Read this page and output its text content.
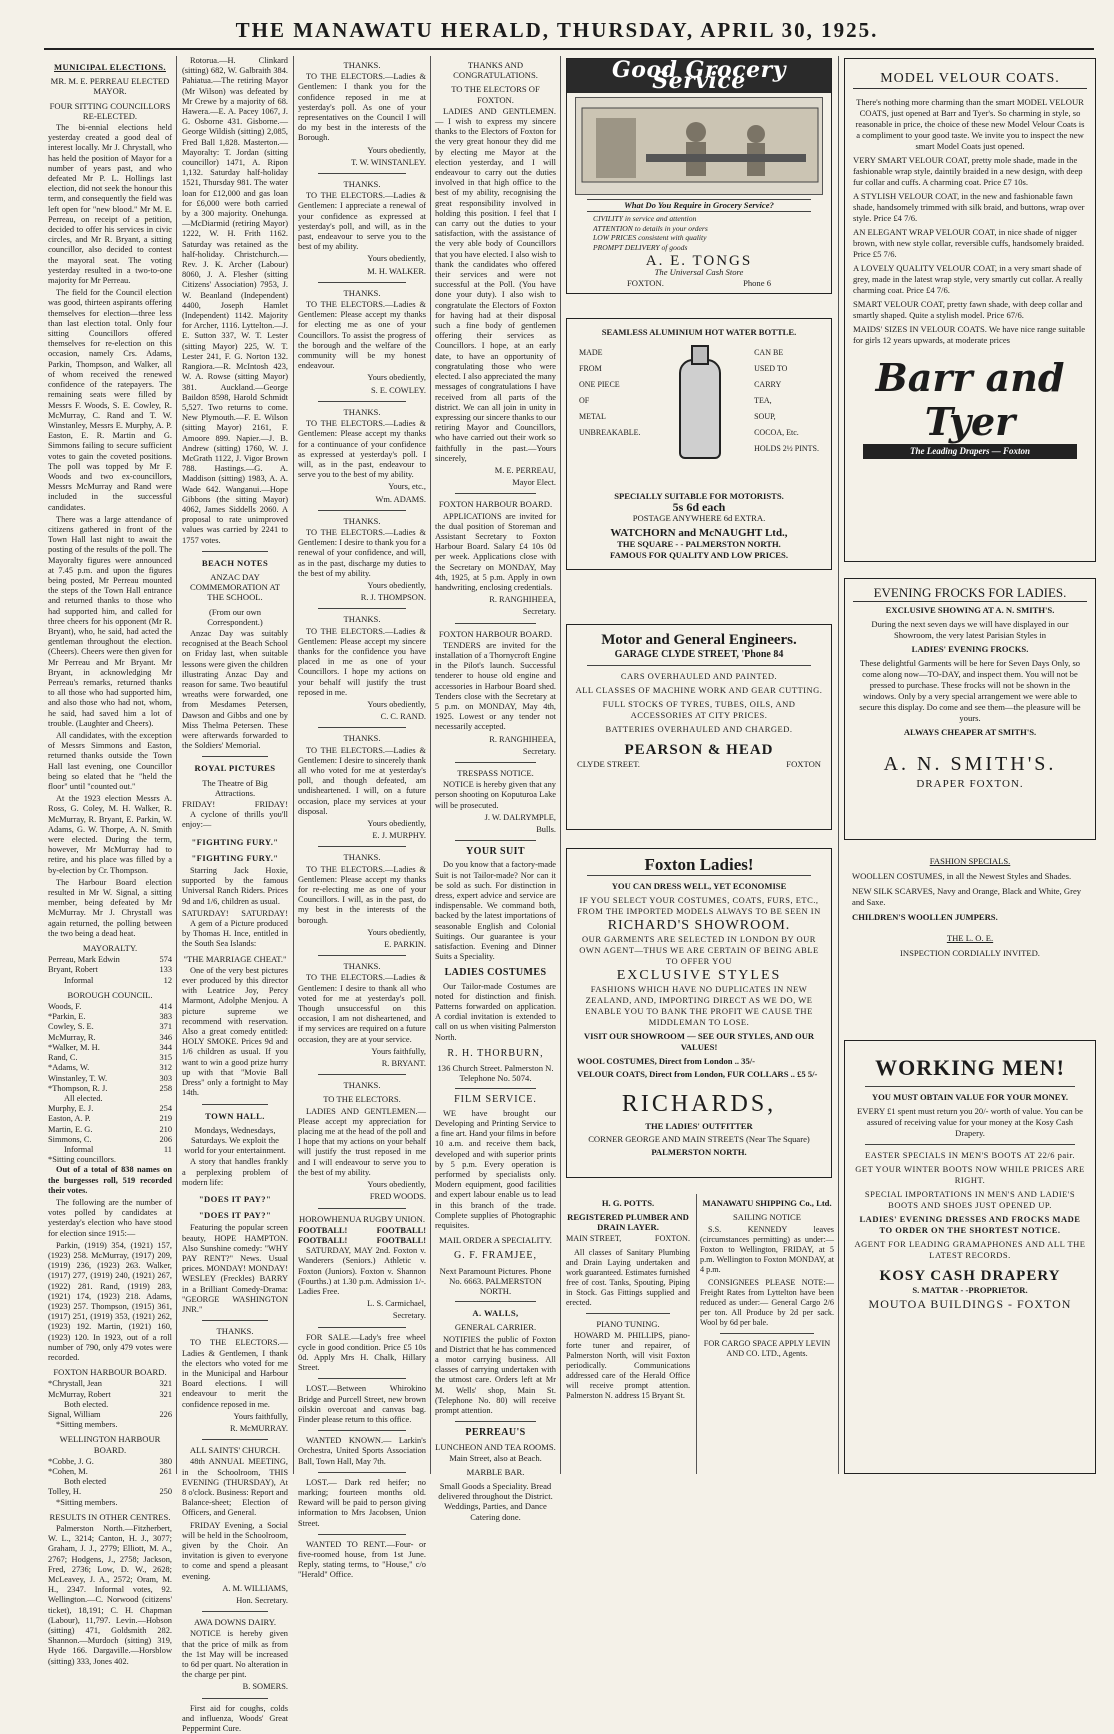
THE MANAWATU HERALD, THURSDAY, APRIL 30, 1925.
MUNICIPAL ELECTIONS.
MR. M. E. PERREAU ELECTED MAYOR.
FOUR SITTING COUNCILLORS RE-ELECTED.

The bi-ennial elections held yesterday created a good deal of interest locally. Mr J. Chrystall, who has held the position of Mayor for a number of years past, and who defeated Mr P. L. Hollings last election, did not seek the honour this term, and consequently the field was left open for "new blood." Mr M. E. Perreau, on receipt of a petition, decided to offer his services in civic circles, and Mr R. Bryant, a sitting councillor, also decided to contest the mayoral seat. The voting yesterday resulted in a two-to-one majority for Mr Perreau.

The field for the Council election was good, thirteen aspirants offering themselves for election—three less than last election total. Only four sitting Councillors offered themselves for re-election on this occasion, namely Crs. Adams, Parkin, Thompson, and Walker, all of whom received the renewed confidence of the ratepayers. The remaining seats were filled by Messrs F. Woods, S. E. Cowley, R. McMurray, C. Rand and T. W. Winstanley, Messrs E. Murphy, A. P. Easton, E. R. Martin and G. Simmons failing to secure sufficient votes to gain the coveted positions. The poll was topped by Mr F. Woods and two ex-councillors, Messrs McMurray and Rand were included in the successful candidates.

There was a large attendance of citizens gathered in front of the Town Hall last night to await the posting of the results of the poll. The Mayoralty figures were announced at 7.45 p.m. and upon the figures being posted, Mr Perreau mounted the steps of the Town Hall entrance and returned thanks to those who had supported him, and called for three cheers for his opponent (Mr R. Bryant), who, he said, had acted the gentleman throughout the election. (Cheers). Cheers were then given for Mr Perreau and Mr Bryant. Mr Bryant, in acknowledging Mr Perreau's remarks, returned thanks to all those who had supported him, and also those who had not, whom, he said, had saved him a lot of trouble. (Laughter and Cheers).

All candidates, with the exception of Messrs Simmons and Easton, returned thanks outside the Town Hall last evening, one Councillor being so elated that he "held the floor" until "counted out."

At the 1923 election Messrs A. Ross, G. Coley, M. H. Walker, R. McMurray, R. Bryant, E. Parkin, W. Adams, G. W. Thorpe, A. N. Smith were elected. During the term, however, Mr McMurray had to retire, and his place was filled by a by-election by Cr. Thompson.

The Harbour Board election resulted in Mr W. Signal, a sitting member, being defeated by Mr McMurray. Mr J. Chrystall was again returned, the polling between the two being a dead heat.

MAYORALTY.
Perreau, Mark Edwin	574
Bryant, Robert	133
Informal	12
BOROUGH COUNCIL.
Woods, F.	414
*Parkin, E.	383
Cowley, S. E.	371
McMurray, R.	346
*Walker, M. H.	344
Rand, C.	315
*Adams, W.	312
Winstanley, T. W.	303
*Thompson, R. J.	258
All elected.
Murphy, E. J.	254
Easton, A. P.	219
Martin, E. G.	210
Simmons, C.	206
Informal	11
*Sitting councillors.

Out of a total of 838 names on the burgesses roll, 519 recorded their votes.

The following are the number of votes polled by candidates at yesterday's election who have stood for election since 1915:—

Parkin, (1919) 354, (1921) 157, (1923) 258. McMurray, (1917) 209, (1919) 236, (1923) 263. Walker, (1917) 277, (1919) 240, (1921) 267, (1922) 281. Rand, (1919) 283, (1921) 174, (1923) 218. Adams, (1923) 257. Thompson, (1915) 361, (1917) 251, (1919) 353, (1921) 262, (1923) 192. Martin, (1921) 160, (1923) 120. In 1923, out of a roll number of 790, only 479 votes were recorded.

FOXTON HARBOUR BOARD.
*Chrystall, Jean	321
McMurray, Robert	321
Both elected.
Signal, William	226
*Sitting members.
WELLINGTON HARBOUR BOARD.
*Cobbe, J. G.	380
*Cohen, M.	261
Both elected
Tolley, H.	250
*Sitting members.
RESULTS IN OTHER CENTRES.

Palmerston North.—Fitzherbert, W. L., 3214; Canton, H. J., 3077; Graham, J. J., 2779; Elliott, M. A., 2767; Hodgens, J., 2758; Jackson, Fred, 2736; Low, D. W., 2628; McLeavey, J. A., 2572; Oram, M. H., 2347. Informal votes, 92. Wellington.—C. Norwood (citizens' ticket), 18,191; C. H. Chapman (Labour), 11,797. Levin.—Hobson (sitting) 471, Goldsmith 282. Shannon.—Murdoch (sitting) 319, Hyde 166. Dargaville.—Horsblow (sitting) 333, Jones 402.

Rotorua.—H. Clinkard (sitting) 682, W. Galbraith 384. Pahiatua.—The retiring Mayor (Mr Wilson) was defeated by Mr Crewe by a majority of 68. Hawera.—E. A. Pacey 1067, J. G. Osborne 431. Gisborne.—George Wildish (sitting) 2,085, Fred Ball 1,828. Masterton.—Mayoralty: T. Jordan (sitting councillor) 1471, A. Ripon 1,132. Saturday half-holiday 1521, Thursday 981. The water loan for £12,000 and gas loan for £6,000 were both carried by a 300 majority. Onehunga.—McDiarmid (retiring Mayor) 1222, W. H. Frith 1162. Saturday was retained as the half-holiday. Christchurch.—Rev. J. K. Archer (Labour) 8060, J. A. Flesher (sitting Citizens' Association) 7953, J. W. Beanland (Independent) 4400, Joseph Hamlet (Independent) 1142. Majority for Archer, 1116. Lyttelton.—J. E. Sutton 337, W. T. Lester (sitting Mayor) 225, W. T. Lester 241, F. G. Norton 132. Rangiora.—R. McIntosh 423, W. A. Rowse (sitting Mayor) 381. Auckland.—George Baildon 8598, Harold Schmidt 5,527. Two returns to come. New Plymouth.—F. E. Wilson (sitting Mayor) 2161, F. Amoore 899. Napier.—J. B. Andrew (sitting) 1760, W. J. McGrath 1122, J. Vigor Brown 788. Hastings.—G. A. Maddison (sitting) 1983, A. A. Wade 642. Wanganui.—Hope Gibbons (the sitting Mayor) 4062, James Siddells 2060. A proposal to rate unimproved values was carried by 2241 to 1757 votes.

BEACH NOTES
ANZAC DAY COMMEMORATION AT THE SCHOOL.
(From our own Correspondent.)

Anzac Day was suitably recognised at the Beach School on Friday last, when suitable lessons were given the children illustrating Anzac Day and reason for same. Two beautiful wreaths were forwarded, one from Mesdames Petersen, Dawson and Gibbs and one by Miss Thelma Petersen. These were afterwards forwarded to the Soldiers' Memorial.

ROYAL PICTURES
The Theatre of Big Attractions.
FRIDAY!	FRIDAY!

A cyclone of thrills you'll enjoy:—

"FIGHTING FURY."
"FIGHTING FURY."

Starring Jack Hoxie, supported by the famous Universal Ranch Riders. Prices 9d and 1/6, children as usual.

SATURDAY! SATURDAY!

A gem of a Picture produced by Thomas H. Ince, entitled in the South Sea Islands:

"THE MARRIAGE CHEAT."

One of the very best pictures ever produced by this director with Leatrice Joy, Percy Marmont, Adolphe Menjou. A picture supreme we recommend with reservation. Also a great comedy entitled: HOLY SMOKE. Prices 9d and 1/6 children as usual. If you want to win a good prize hurry up with that "Movie Ball Dress" only a fortnight to May 14th.

TOWN HALL.
Mondays, Wednesdays, Saturdays. We exploit the world for your entertainment.

A story that handles frankly a perplexing problem of modern life:

"DOES IT PAY?"
"DOES IT PAY?"

Featuring the popular screen beauty, HOPE HAMPTON. Also Sunshine comedy: "WHY PAY RENT?" News. Usual prices. MONDAY! MONDAY! WESLEY (Freckles) BARRY in a Brilliant Comedy-Drama: "GEORGE WASHINGTON JNR."

THANKS.

TO THE ELECTORS.—Ladies & Gentlemen, I thank the electors who voted for me in the Municipal and Harbour Board elections. I will endeavour to merit the confidence reposed in me.

Yours faithfully,
R. McMURRAY.
ALL SAINTS' CHURCH.

48th ANNUAL MEETING, in the Schoolroom, THIS EVENING (THURSDAY), At 8 o'clock. Business: Report and Balance-sheet; Election of Officers, and General.

FRIDAY Evening, a Social will be held in the Schoolroom, given by the Choir. An invitation is given to everyone to come and spend a pleasant evening.

A. M. WILLIAMS,
Hon. Secretary.
AWA DOWNS DAIRY.

NOTICE is hereby given that the price of milk as from the 1st May will be increased to 6d per quart. No alteration in the charge per pint.

B. SOMERS.

First aid for coughs, colds and influenza, Woods' Great Peppermint Cure.

THANKS.

TO THE ELECTORS.—Ladies & Gentlemen: I thank you for the confidence reposed in me at yesterday's poll. As one of your representatives on the Council I will do my best in the interests of the Borough.

Yours obediently,
T. W. WINSTANLEY.
THANKS.

TO THE ELECTORS.—Ladies & Gentlemen: I appreciate a renewal of your confidence as expressed at yesterday's poll, and will, as in the past, endeavour to serve you to the best of my ability.

Yours obediently,
M. H. WALKER.
THANKS.

TO THE ELECTORS.—Ladies & Gentlemen: Please accept my thanks for electing me as one of your Councillors. To assist the progress of the borough and the welfare of the community will be my honest endeavour.

Yours obediently,
S. E. COWLEY.
THANKS.

TO THE ELECTORS.—Ladies & Gentlemen: Please accept my thanks for a continuance of your confidence as expressed at yesterday's poll. I will, as in the past, endeavour to serve you to the best of my ability.

Yours, etc.,
Wm. ADAMS.
THANKS.

TO THE ELECTORS.—Ladies & Gentlemen: I desire to thank you for a renewal of your confidence, and will, as in the past, discharge my duties to the best of my ability.

Yours obediently,
R. J. THOMPSON.
THANKS.

TO THE ELECTORS.—Ladies & Gentlemen: Please accept my sincere thanks for the confidence you have placed in me as one of your Councillors. I hope my actions on your behalf will justify the trust reposed in me.

Yours obediently,
C. C. RAND.
THANKS.

TO THE ELECTORS.—Ladies & Gentlemen: I desire to sincerely thank all who voted for me at yesterday's poll, and though defeated, am undisheartened. I will, on a future occasion, place my services at your disposal.

Yours obediently,
E. J. MURPHY.
THANKS.

TO THE ELECTORS.—Ladies & Gentlemen: Please accept my thanks for re-electing me as one of your Councillors. I will, as in the past, do my best in the interests of the borough.

Yours obediently,
E. PARKIN.
THANKS.

TO THE ELECTORS.—Ladies & Gentlemen: I desire to thank all who voted for me at yesterday's poll. Though unsuccessful on this occasion, I am not disheartened, and if my services are required on a future occasion, they are at your service.

Yours faithfully,
R. BRYANT.
THANKS.
TO THE ELECTORS.

LADIES AND GENTLEMEN.— Please accept my appreciation for placing me at the head of the poll and I hope that my actions on your behalf will justify the trust reposed in me and I will endeavour to serve you to the best of my ability.

Yours obediently,
FRED WOODS.
HOROWHENUA RUGBY UNION.
FOOTBALL!	FOOTBALL!
FOOTBALL!	FOOTBALL!

SATURDAY, MAY 2nd. Foxton v. Wanderers (Seniors.) Athletic v. Foxton (Juniors). Foxton v. Shannon (Fourths.) at 1.30 p.m. Admission 1/-. Ladies Free.

L. S. Carmichael,
Secretary.

FOR SALE.—Lady's free wheel cycle in good condition. Price £5 10s 0d. Apply Mrs H. Chalk, Hillary Street.

LOST.—Between Whirokino Bridge and Purcell Street, new brown oilskin overcoat and canvas bag. Finder please return to this office.

WANTED KNOWN.— Larkin's Orchestra, United Sports Association Ball, Town Hall, May 7th.

LOST.— Dark red heifer; no marking; fourteen months old. Reward will be paid to person giving information to Mrs Jacobsen, Union Street.

WANTED TO RENT.—Four- or five-roomed house, from 1st June. Reply, stating terms, to "House," c/o "Herald" Office.

THANKS AND CONGRATULATIONS.
TO THE ELECTORS OF FOXTON.

LADIES AND GENTLEMEN.— I wish to express my sincere thanks to the Electors of Foxton for the very great honour they did me by electing me Mayor at the election yesterday, and I will endeavour to carry out the duties involved in that high office to the best of my ability, recognising the great responsibility involved in holding this position. I feel that I can carry out the duties to your satisfaction, with the assistance of the very able body of Councillors that you have elected. I also wish to thank the candidates who offered their services and were not successful at the Poll. (You have done your duty). I also wish to congratulate the Electors of Foxton for having had at their disposal such a fine body of gentlemen offering their services as Councillors. I hope, at an early date, to have an opportunity of congratulating those who were elected. I also appreciated the many messages of congratulations I have received from all parts of the district. We can all join in unity in expressing our sincere thanks to our retiring Mayor and Councillors, who have carried out their work so faithfully in the past.—Yours sincerely,

M. E. PERREAU,
Mayor Elect.
FOXTON HARBOUR BOARD.

APPLICATIONS are invited for the dual position of Storeman and Assistant Secretary to Foxton Harbour Board. Salary £4 10s 0d per week. Applications close with the Secretary on MONDAY, May 4th, 1925, at 5 p.m. Apply in own handwriting, enclosing credentials.

R. RANGHIHEEA,
Secretary.
FOXTON HARBOUR BOARD.

TENDERS are invited for the installation of a Thornycroft Engine in the Pilot's launch. Successful tenderer to house old engine and accessories in Harbour Board shed. Tenders close with the Secretary at 5 p.m. on MONDAY, May 4th, 1925. Lowest or any tender not necessarily accepted.

R. RANGHIHEEA,
Secretary.
TRESPASS NOTICE.

NOTICE is hereby given that any person shooting on Koputuroa Lake will be prosecuted.

J. W. DALRYMPLE,
Bulls.
YOUR SUIT

Do you know that a factory-made Suit is not Tailor-made? Nor can it be sold as such. For distinction in dress, expert advice and service are indispensable. We command both, backed by the latest importations of seasonable English and Colonial Suitings. Our guarantee is your satisfaction. Evening and Dinner Suits a Speciality.

LADIES COSTUMES

Our Tailor-made Costumes are noted for distinction and finish. Patterns forwarded on application. A cordial invitation is extended to call on us when visiting Palmerston North.

R. H. THORBURN,
136 Church Street. Palmerston N. Telephone No. 5074.
FILM SERVICE.

WE have brought our Developing and Printing Service to a fine art. Hand your films in before 10 a.m. and receive them back, developed and with superior prints by 5 p.m. Every operation is performed by specialists only. Modern equipment, good facilities and expert labour enable us to lead in this branch of the trade. Complete supplies of Photographic requisites.

MAIL ORDER A SPECIALITY.
G. F. FRAMJEE,
Next Paramount Pictures. Phone No. 6663. PALMERSTON NORTH.
A. WALLS,
GENERAL CARRIER.

NOTIFIES the public of Foxton and District that he has commenced a motor carrying business. All classes of carrying undertaken with the utmost care. Orders left at Mr M. Wells' shop, Main St. (Telephone No. 80) will receive prompt attention.

PERREAU'S
LUNCHEON AND TEA ROOMS. Main Street, also at Beach.
MARBLE BAR.
Small Goods a Speciality. Bread delivered throughout the District. Weddings, Parties, and Dance Catering done.
Good Grocery Service

What Do You Require in Grocery Service?

CIVILITY in service and attention
ATTENTION to details in your orders
LOW PRICES consistent with quality
PROMPT DELIVERY of goods
A. E. TONGS
The Universal Cash Store
FOXTON.	Phone 6

SEAMLESS ALUMINIUM HOT WATER BOTTLE.

MADE
FROM
ONE PIECE
OF
METAL
UNBREAKABLE.
CAN BE
USED TO
CARRY
TEA,
SOUP,
COCOA, Etc.
HOLDS 2½ PINTS.
SPECIALLY SUITABLE FOR MOTORISTS.
5s 6d each
POSTAGE ANYWHERE 6d EXTRA.
WATCHORN and McNAUGHT Ltd.,
THE SQUARE - - PALMERSTON NORTH.
FAMOUS FOR QUALITY AND LOW PRICES.

Motor and General Engineers.

GARAGE CLYDE STREET, 'Phone 84

CARS OVERHAULED AND PAINTED.

ALL CLASSES OF MACHINE WORK AND GEAR CUTTING.

FULL STOCKS OF TYRES, TUBES, OILS, AND ACCESSORIES AT CITY PRICES.

BATTERIES OVERHAULED AND CHARGED.

PEARSON & HEAD

CLYDE STREET.	FOXTON

Foxton Ladies!

YOU CAN DRESS WELL, YET ECONOMISE

IF YOU SELECT YOUR COSTUMES, COATS, FURS, ETC., FROM THE IMPORTED MODELS ALWAYS TO BE SEEN IN

RICHARD'S SHOWROOM.

OUR GARMENTS ARE SELECTED IN LONDON BY OUR OWN AGENT—THUS WE ARE CERTAIN OF BEING ABLE TO OFFER YOU

EXCLUSIVE STYLES

FASHIONS WHICH HAVE NO DUPLICATES IN NEW ZEALAND, AND, IMPORTING DIRECT AS WE DO, WE ENABLE YOU TO BANK THE PROFIT WE CAUSE THE MIDDLEMAN TO LOSE.

VISIT OUR SHOWROOM — SEE OUR STYLES, AND OUR VALUES!

WOOL COSTUMES, Direct from London .. 35/-

VELOUR COATS, Direct from London, FUR COLLARS .. £5 5/-

RICHARDS,

THE LADIES' OUTFITTER

CORNER GEORGE AND MAIN STREETS (Near The Square)

PALMERSTON NORTH.

H. G. POTTS.
REGISTERED PLUMBER AND DRAIN LAYER.
MAIN STREET,	FOXTON.

All classes of Sanitary Plumbing and Drain Laying undertaken and work guaranteed. Estimates furnished free of cost. Tanks, Spouting, Piping in Stock. Gas Fittings supplied and erected.

PIANO TUNING.

HOWARD M. PHILLIPS, piano-forte tuner and repairer, of Palmerston North, will visit Foxton periodically. Communications addressed care of the Herald Office will receive prompt attention. Palmerston N. address 15 Bryant St.

MANAWATU SHIPPING Co., Ltd.
SAILING NOTICE

S.S. KENNEDY leaves (circumstances permitting) as under:— Foxton to Wellington, FRIDAY, at 5 p.m. Wellington to Foxton MONDAY, at 4 p.m.

CONSIGNEES PLEASE NOTE:— Freight Rates from Lyttelton have been reduced as under:— General Cargo 2/6 per ton. All Produce by 2d per sack. Wool by 6d per bale.

FOR CARGO SPACE APPLY LEVIN AND CO. LTD., Agents.

MODEL VELOUR COATS.

There's nothing more charming than the smart MODEL VELOUR COATS, just opened at Barr and Tyer's. So charming in style, so reasonable in price, the choice of these new Model Velour Coats is a compliment to your good taste. We invite you to inspect the new smart Model Coats just opened.

VERY SMART VELOUR COAT, pretty mole shade, made in the fashionable wrap style, daintily braided in a new design, with deep fur collar and cuffs. A charming coat. Price £7 10s.

A STYLISH VELOUR COAT, in the new and fashionable fawn shade, handsomely trimmed with silk braid, and buttons, wrap over style. Price £4 7/6.

AN ELEGANT WRAP VELOUR COAT, in nice shade of nigger brown, with new style collar, reversible cuffs, handsomely braided. Price £5 7/6.

A LOVELY QUALITY VELOUR COAT, in a very smart shade of grey, made in the latest wrap style, very smartly cut collar. A really charming coat. Price £4 7/6.

SMART VELOUR COAT, pretty fawn shade, with deep collar and smartly shaped. Quite a stylish model. Price 67/6.

MAIDS' SIZES IN VELOUR COATS. We have nice range suitable for girls 12 years upwards, at moderate prices

Barr and Tyer
The Leading Drapers — Foxton

EVENING FROCKS FOR LADIES.

EXCLUSIVE SHOWING AT A. N. SMITH'S.

During the next seven days we will have displayed in our Showroom, the very latest Parisian Styles in

LADIES' EVENING FROCKS.

These delightful Garments will be here for Seven Days Only, so come along now—TO-DAY, and inspect them. You will not be pressed to purchase. These frocks will not be shown in the windows. Only by a very special arrangement we were able to secure this display. Do come and see them—the pleasure will be yours.

ALWAYS CHEAPER AT SMITH'S.

A. N. SMITH'S.

DRAPER FOXTON.

FASHION SPECIALS.

WOOLLEN COSTUMES, in all the Newest Styles and Shades.

NEW SILK SCARVES, Navy and Orange, Black and White, Grey and Saxe.

CHILDREN'S WOOLLEN JUMPERS.

THE L. O. E.

INSPECTION CORDIALLY INVITED.

WORKING MEN!

YOU MUST OBTAIN VALUE FOR YOUR MONEY.

EVERY £1 spent must return you 20/- worth of value. You can be assured of receiving value for your money at the Kosy Cash Drapery.

EASTER SPECIALS IN MEN'S BOOTS AT 22/6 pair.

GET YOUR WINTER BOOTS NOW WHILE PRICES ARE RIGHT.

SPECIAL IMPORTATIONS IN MEN'S AND LADIE'S BOOTS AND SHOES JUST OPENED UP.

LADIES' EVENING DRESSES AND FROCKS MADE TO ORDER ON THE SHORTEST NOTICE.

AGENT FOR LEADING GRAMAPHONES AND ALL THE LATEST RECORDS.

KOSY CASH DRAPERY

S. MATTAR - -PROPRIETOR.

MOUTOA BUILDINGS - FOXTON
